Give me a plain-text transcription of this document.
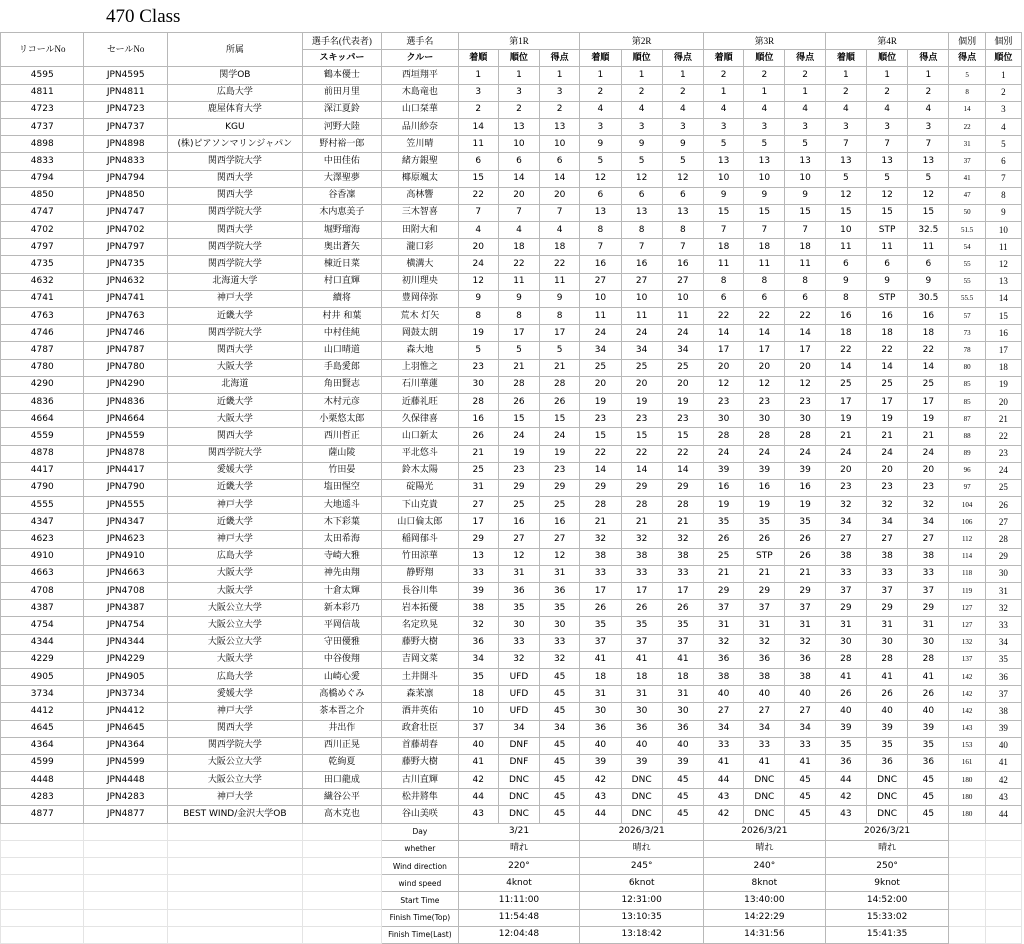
470 Class
リコールNo	セールNo	所属	選手名(代表者)	選手名	第1R			第2R			第3R			第4R			個別	個別
			スキッパー	クルー	着順	順位	得点	着順	順位	得点	着順	順位	得点	着順	順位	得点	得点	順位
4595	JPN4595	関学OB	鶴本優士	西垣翔平	1	1	1	1	1	1	2	2	2	1	1	1	5	1
4811	JPN4811	広島大学	前田月里	木島竜也	3	3	3	2	2	2	1	1	1	2	2	2	8	2
4723	JPN4723	鹿屋体育大学	深江夏鈴	山口栞華	2	2	2	4	4	4	4	4	4	4	4	4	14	3
4737	JPN4737	KGU	河野大陸	品川紗奈	14	13	13	3	3	3	3	3	3	3	3	3	22	4
4898	JPN4898	(株)ピアソンマリンジャパン	野村裕一郎	笠川晴	11	10	10	9	9	9	5	5	5	7	7	7	31	5
4833	JPN4833	関西学院大学	中田佳佑	緒方銀聖	6	6	6	5	5	5	13	13	13	13	13	13	37	6
4794	JPN4794	関西大学	大澤聖夢	椰原颯太	15	14	14	12	12	12	10	10	10	5	5	5	41	7
4850	JPN4850	関西大学	谷香凜	高林響	22	20	20	6	6	6	9	9	9	12	12	12	47	8
4747	JPN4747	関西学院大学	木内恵美子	三木智喜	7	7	7	13	13	13	15	15	15	15	15	15	50	9
4702	JPN4702	関西大学	堀野瑠海	田附大和	4	4	4	8	8	8	7	7	7	10	STP	32.5	51.5	10
4797	JPN4797	関西学院大学	奥出蒼矢	瀧口彩	20	18	18	7	7	7	18	18	18	11	11	11	54	11
4735	JPN4735	関西学院大学	棟近日菜	横溝大	24	22	22	16	16	16	11	11	11	6	6	6	55	12
4632	JPN4632	北海道大学	村口直輝	初川理央	12	11	11	27	27	27	8	8	8	9	9	9	55	13
4741	JPN4741	神戸大学	續将	豊岡倖弥	9	9	9	10	10	10	6	6	6	8	STP	30.5	55.5	14
4763	JPN4763	近畿大学	村井 和葉	荒木 灯矢	8	8	8	11	11	11	22	22	22	16	16	16	57	15
4746	JPN4746	関西学院大学	中村佳純	岡鼓太朗	19	17	17	24	24	24	14	14	14	18	18	18	73	16
4787	JPN4787	関西大学	山口晴道	森大地	5	5	5	34	34	34	17	17	17	22	22	22	78	17
4780	JPN4780	大阪大学	手島愛郎	上羽惟之	23	21	21	25	25	25	20	20	20	14	14	14	80	18
4290	JPN4290	北海道	角田賢志	石川華蓮	30	28	28	20	20	20	12	12	12	25	25	25	85	19
4836	JPN4836	近畿大学	木村元彦	近藤礼旺	28	26	26	19	19	19	23	23	23	17	17	17	85	20
4664	JPN4664	大阪大学	小栗悠太郎	久保律喜	16	15	15	23	23	23	30	30	30	19	19	19	87	21
4559	JPN4559	関西大学	西川哲正	山口新太	26	24	24	15	15	15	28	28	28	21	21	21	88	22
4878	JPN4878	関西学院大学	薩山陵	平北悠斗	21	19	19	22	22	22	24	24	24	24	24	24	89	23
4417	JPN4417	愛媛大学	竹田晏	鈴木太陽	25	23	23	14	14	14	39	39	39	20	20	20	96	24
4790	JPN4790	近畿大学	塩田惺空	碇陽光	31	29	29	29	29	29	16	16	16	23	23	23	97	25
4555	JPN4555	神戸大学	大地遥斗	下山克貴	27	25	25	28	28	28	19	19	19	32	32	32	104	26
4347	JPN4347	近畿大学	木下彩葉	山口倫太郎	17	16	16	21	21	21	35	35	35	34	34	34	106	27
4623	JPN4623	神戸大学	太田希海	稲岡郁斗	29	27	27	32	32	32	26	26	26	27	27	27	112	28
4910	JPN4910	広島大学	寺崎大雅	竹田涼華	13	12	12	38	38	38	25	STP	26	38	38	38	114	29
4663	JPN4663	大阪大学	神先由翔	静野翔	33	31	31	33	33	33	21	21	21	33	33	33	118	30
4708	JPN4708	大阪大学	十倉太輝	長谷川隼	39	36	36	17	17	17	29	29	29	37	37	37	119	31
4387	JPN4387	大阪公立大学	新本彩乃	岩本拓優	38	35	35	26	26	26	37	37	37	29	29	29	127	32
4754	JPN4754	大阪公立大学	平岡信哉	名定玖晃	32	30	30	35	35	35	31	31	31	31	31	31	127	33
4344	JPN4344	大阪公立大学	守田優雅	藤野大樹	36	33	33	37	37	37	32	32	32	30	30	30	132	34
4229	JPN4229	大阪大学	中谷俊翔	吉岡文菜	34	32	32	41	41	41	36	36	36	28	28	28	137	35
4905	JPN4905	広島大学	山崎心愛	土井開斗	35	UFD	45	18	18	18	38	38	38	41	41	41	142	36
3734	JPN3734	愛媛大学	高橋めぐみ	森茉凛	18	UFD	45	31	31	31	40	40	40	26	26	26	142	37
4412	JPN4412	神戸大学	茶本晋之介	酒井英佑	10	UFD	45	30	30	30	27	27	27	40	40	40	142	38
4645	JPN4645	関西大学	井出作	政倉壮臣	37	34	34	36	36	36	34	34	34	39	39	39	143	39
4364	JPN4364	関西学院大学	西川正晃	首藤胡春	40	DNF	45	40	40	40	33	33	33	35	35	35	153	40
4599	JPN4599	大阪公立大学	乾絢夏	藤野大樹	41	DNF	45	39	39	39	41	41	41	36	36	36	161	41
4448	JPN4448	大阪公立大学	田口龍成	古川直輝	42	DNC	45	42	DNC	45	44	DNC	45	44	DNC	45	180	42
4283	JPN4283	神戸大学	繊谷公平	松井將隼	44	DNC	45	43	DNC	45	43	DNC	45	42	DNC	45	180	43
4877	JPN4877	BEST WIND/金沢大学OB	高木克也	谷山美咲	43	DNC	45	44	DNC	45	42	DNC	45	43	DNC	45	180	44
				Day	3/21			2026/3/21			2026/3/21			2026/3/21				
				whether	晴れ			晴れ			晴れ			晴れ				
				Wind direction	220°			245°			240°			250°				
				wind speed	4knot			6knot			8knot			9knot				
				Start Time	11:11:00			12:31:00			13:40:00			14:52:00				
				Finish Time(Top)	11:54:48			13:10:35			14:22:29			15:33:02				
				Finish Time(Last)	12:04:48			13:18:42			14:31:56			15:41:35				
